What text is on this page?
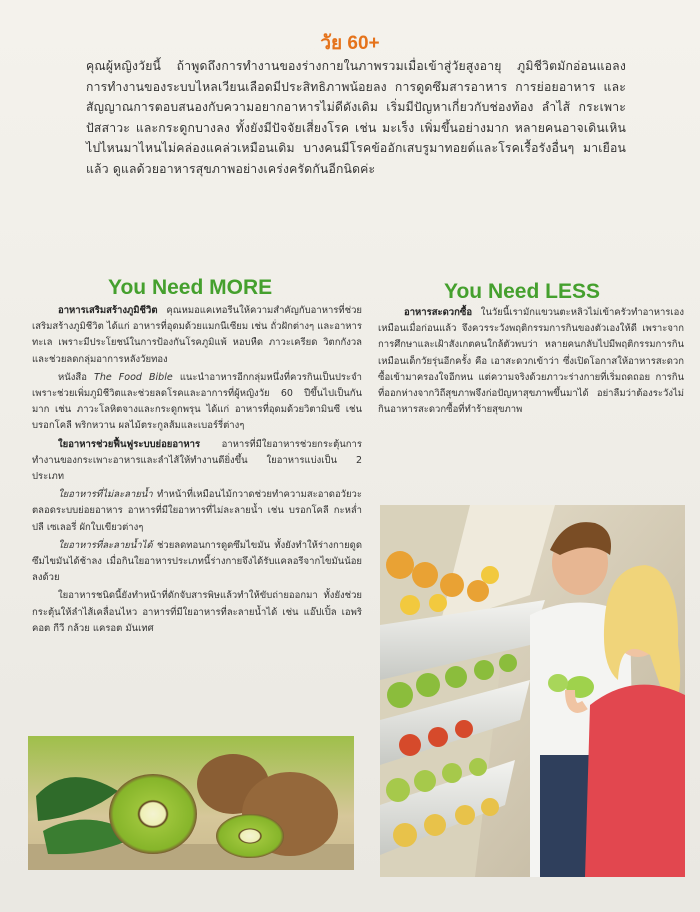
วัย 60+

คุณผู้หญิงวัยนี้ ถ้าพูดถึงการทำงานของร่างกายในภาพรวมเมื่อเข้าสู่วัยสูงอายุ ภูมิชีวิตมักอ่อนแอลง การทำงานของระบบไหลเวียนเลือดมีประสิทธิภาพน้อยลง การดูดซึมสารอาหาร การย่อยอาหาร และสัญญาณการตอบสนองกับความอยากอาหารไม่ดีดังเดิม เริ่มมีปัญหาเกี่ยวกับช่องท้อง ลำไส้ กระเพาะปัสสาวะ และกระดูกบางลง ทั้งยังมีปัจจัยเสี่ยงโรค เช่น มะเร็ง เพิ่มขึ้นอย่างมาก หลายคนอาจเดินเหินไปไหนมาไหนไม่คล่องแคล่วเหมือนเดิม บางคนมีโรคข้ออักเสบรูมาทอยด์และโรคเรื้อรังอื่นๆ มาเยือนแล้ว ดูแลด้วยอาหารสุขภาพอย่างเคร่งครัดกันอีกนิดค่ะ

You Need MORE	You Need LESS

อาหารเสริมสร้างภูมิชีวิต คุณหมอแคเทอรีนให้ความสำคัญกับอาหารที่ช่วยเสริมสร้างภูมิชีวิต ได้แก่ อาหารที่อุดมด้วยแมกนีเซียม เช่น ถั่วฝักต่างๆ และอาหารทะเล เพราะมีประโยชน์ในการป้องกันโรคภูมิแพ้ หอบหืด ภาวะเครียด วิตกกังวล และช่วยลดกลุ่มอาการหลังวัยทอง

หนังสือ The Food Bible แนะนำอาหารอีกกลุ่มหนึ่งที่ควรกินเป็นประจำ เพราะช่วยเพิ่มภูมิชีวิตและช่วยลดโรคและอาการที่ผู้หญิงวัย 60 ปีขึ้นไปเป็นกันมาก เช่น ภาวะโลหิตจางและกระดูกพรุน ได้แก่ อาหารที่อุดมด้วยวิตามินซี เช่น บรอกโคลี พริกหวาน ผลไม้ตระกูลส้มและเบอร์รี่ต่างๆ

ใยอาหารช่วยฟื้นฟูระบบย่อยอาหาร อาหารที่มีใยอาหารช่วยกระตุ้นการทำงานของกระเพาะอาหารและลำไส้ให้ทำงานดียิ่งขึ้น ใยอาหารแบ่งเป็น 2 ประเภท

ใยอาหารที่ไม่ละลายน้ำ ทำหน้าที่เหมือนไม้กวาดช่วยทำความสะอาดอวัยวะตลอดระบบย่อยอาหาร อาหารที่มีใยอาหารที่ไม่ละลายน้ำ เช่น บรอกโคลี กะหล่ำปลี เซเลอรี่ ผักใบเขียวต่างๆ

ใยอาหารที่ละลายน้ำได้ ช่วยลดทอนการดูดซึมไขมัน ทั้งยังทำให้ร่างกายดูดซึมไขมันได้ช้าลง เมื่อกินใยอาหารประเภทนี้ร่างกายจึงได้รับแคลอรีจากไขมันน้อยลงด้วย

ใยอาหารชนิดนี้ยังทำหน้าที่ดักจับสารพิษแล้วทำให้ขับถ่ายออกมา ทั้งยังช่วยกระตุ้นให้ลำไส้เคลื่อนไหว อาหารที่มีใยอาหารที่ละลายน้ำได้ เช่น แอ๊ปเปิ้ล เอพริคอต กีวี กล้วย แครอต มันเทศ

อาหารสะดวกซื้อ ในวัยนี้เรามักแขวนตะหลิวไม่เข้าครัวทำอาหารเองเหมือนเมื่อก่อนแล้ว จึงควรระวังพฤติกรรมการกินของตัวเองให้ดี เพราะจากการศึกษาและเฝ้าสังเกตคนใกล้ตัวพบว่า หลายคนกลับไปมีพฤติกรรมการกินเหมือนเด็กวัยรุ่นอีกครั้ง คือ เอาสะดวกเข้าว่า ซึ่งเปิดโอกาสให้อาหารสะดวกซื้อเข้ามาครองใจอีกหน แต่ความจริงด้วยภาวะร่างกายที่เริ่มถดถอย การกินที่ออกห่างจากวิถีสุขภาพจึงก่อปัญหาสุขภาพขึ้นมาได้ อย่าลืมว่าต้องระวังไม่กินอาหารสะดวกซื้อที่ทำร้ายสุขภาพ
